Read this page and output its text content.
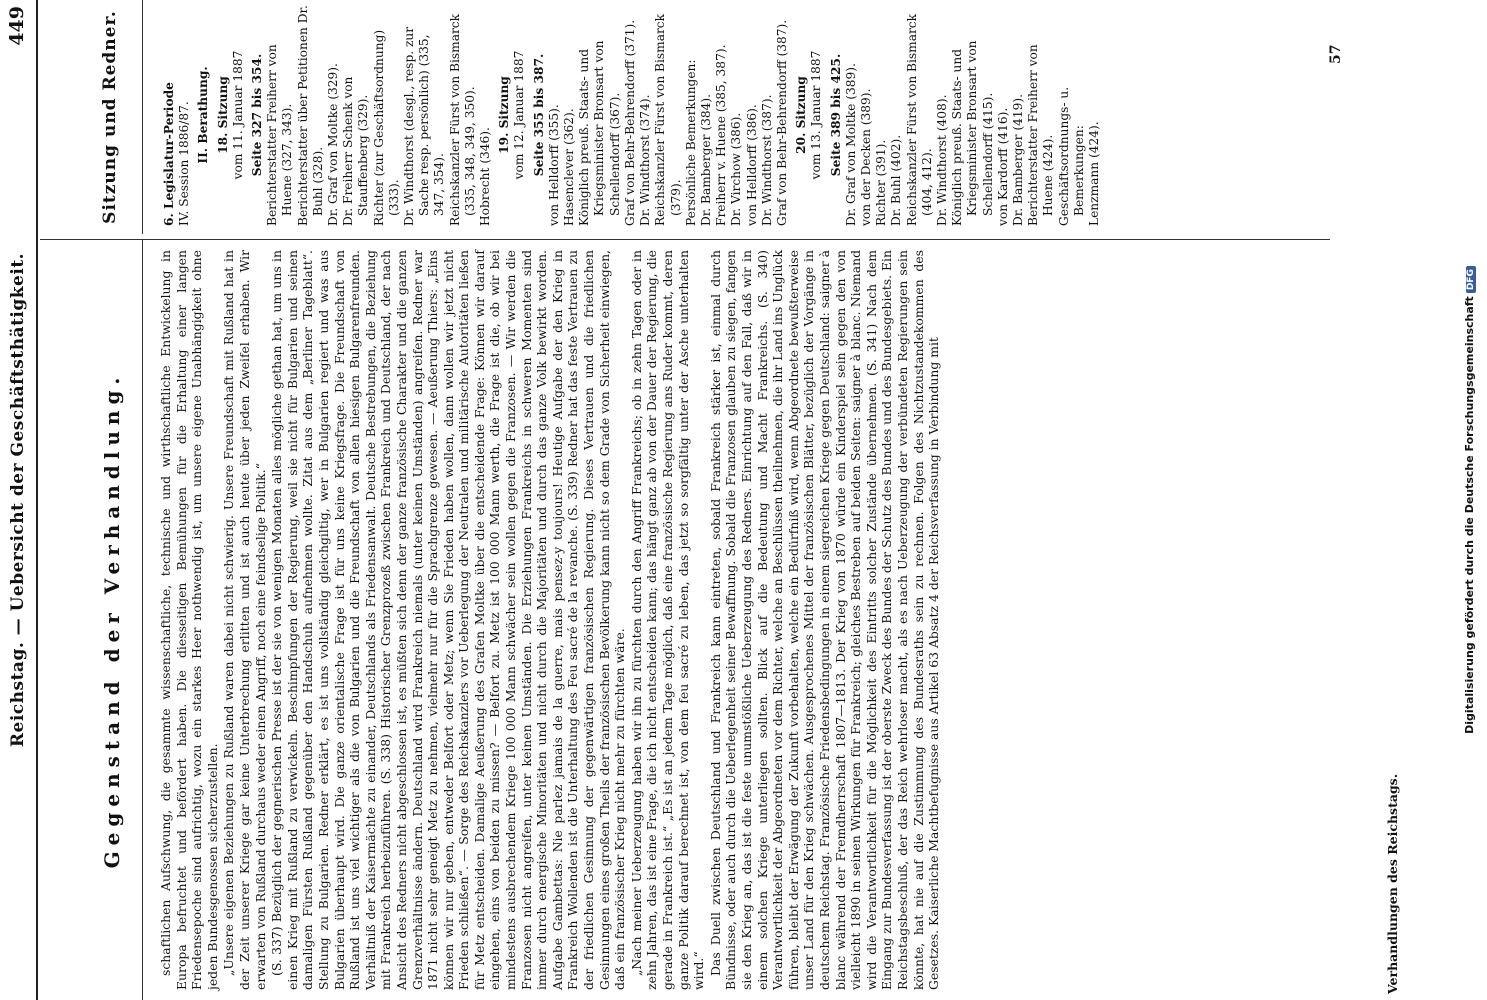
Reichstag. — Uebersicht der Geschäftsthätigkeit.
449
Gegenstand der Verhandlung.	schaftlichen Aufschwung, die gesammte wissenschaftliche, technische und wirthschaftliche Entwickelung in Europa befruchtet und befördert haben. Die diesseitigen Bemühungen für die Erhaltung einer langen Friedensepoche sind aufrichtig, wozu ein starkes Heer nothwendig ist, um unsere eigene Unabhängigkeit ohne jeden Bundesgenossen sicherzustellen. „Unsere eigenen Beziehungen zu Rußland waren dabei nicht schwierig. Unsere Freundschaft mit Rußland hat in der Zeit unserer Kriege gar keine Unterbrechung erlitten und ist auch heute über jeden Zweifel erhaben. Wir erwarten von Rußland durchaus weder einen Angriff, noch eine feindselige Politik.“ (S. 337) Bezüglich der gegnerischen Presse ist der sie von wenigen Monaten alles mögliche gethan hat, um uns in einen Krieg mit Rußland zu verwickeln. Beschimpfungen der Regierung, weil sie nicht für Bulgarien und seinen damaligen Fürsten Rußland gegenüber den Handschuh aufnehmen wollte. Zitat aus dem „Berliner Tageblatt“. Stellung zu Bulgarien. Redner erklärt, es ist uns vollständig gleichgiltig, wer in Bulgarien regiert und was aus Bulgarien überhaupt wird. Die ganze orientalische Frage ist für uns keine Kriegsfrage. Die Freundschaft von Rußland ist uns viel wichtiger als die von Bulgarien und die Freundschaft von allen hiesigen Bulgarenfreunden. Verhältniß der Kaisermächte zu einander, Deutschlands als Friedensanwalt. Deutsche Bestrebungen, die Beziehung mit Frankreich herbeizuführen. (S. 338) Historischer Grenzprozeß zwischen Frankreich und Deutschland, der nach Ansicht des Redners nicht abgeschlossen ist, es müßten sich denn der ganze französische Charakter und die ganzen Grenzverhältnisse ändern. Deutschland wird Frankreich niemals (unter keinen Umständen) angreifen. Redner war 1871 nicht sehr geneigt Metz zu nehmen, vielmehr nur für die Sprachgrenze gewesen. — Aeußerung Thiers: „Eins können wir nur geben, entweder Belfort oder Metz; wenn Sie Frieden haben wollen, dann wollen wir jetzt nicht Frieden schließen“. — Sorge des Reichskanzlers vor Ueberlegung der Neutralen und militärische Autoritäten ließen für Metz entscheiden. Damalige Aeußerung des Grafen Moltke über die entscheidende Frage: Können wir darauf eingehen, eins von beiden zu missen? — Belfort zu. Metz ist 100 000 Mann werth, die Frage ist die, ob wir bei mindestens ausbrechendem Kriege 100 000 Mann schwächer sein wollen gegen die Franzosen. — Wir werden die Franzosen nicht angreifen, unter keinen Umständen. Die Erziehungen Frankreichs in schweren Momenten sind immer durch energische Minoritäten und nicht durch die Majoritäten und durch das ganze Volk bewirkt worden. Aufgabe Gambettas: Nie parlez jamais de la guerre, mais pensez-y toujours! Heutige Aufgabe der den Krieg in Frankreich Wollenden ist die Unterhaltung des Feu sacré de la revanche. (S. 339) Redner hat das feste Vertrauen zu der friedlichen Gesinnung der gegenwärtigen französischen Regierung. Dieses Vertrauen und die friedlichen Gesinnungen eines großen Theils der französischen Bevölkerung kann nicht so dem Grade von Sicherheit einwiegen, daß ein französischer Krieg nicht mehr zu fürchten wäre. „Nach meiner Ueberzeugung haben wir ihn zu fürchten durch den Angriff Frankreichs; ob in zehn Tagen oder in zehn Jahren, das ist eine Frage, die ich nicht entscheiden kann; das hängt ganz ab von der Dauer der Regierung, die gerade in Frankreich ist.“ „Es ist an jedem Tage möglich, daß eine französische Regierung ans Ruder kommt, deren ganze Politik darauf berechnet ist, von dem feu sacré zu leben, das jetzt so sorgfältig unter der Asche unterhalten wird.“ Das Duell zwischen Deutschland und Frankreich kann eintreten, sobald Frankreich stärker ist, einmal durch Bündnisse, oder auch durch die Ueberlegenheit seiner Bewaffnung. Sobald die Franzosen glauben zu siegen, fangen sie den Krieg an, das ist die feste unumstößliche Ueberzeugung des Redners. Einrichtung auf den Fall, daß wir in einem solchen Kriege unterliegen sollten. Blick auf die Bedeutung und Macht Frankreichs. (S. 340) Verantwortlichkeit der Abgeordneten vor dem Richter, welche an Beschlüssen theilnehmen, die ihr Land ins Unglück führen, bleibt der Erwägung der Zukunft vorbehalten, welche ein Bedürfniß wird, wenn Abgeordnete bewußterweise unser Land für den Krieg schwächen. Ausgesprochenes Mittel der französischen Blätter, bezüglich der Vorgänge in deutschem Reichstag. Französische Friedensbedingungen in einem siegreichen Kriege gegen Deutschland: saigner à blanc während der Fremdherrschaft 1807—1813. Der Krieg von 1870 würde ein Kinderspiel sein gegen den von vielleicht 1890 in seinen Wirkungen für Frankreich; gleiches Bestreben auf beiden Seiten: saigner à blanc. Niemand wird die Verantwortlichkeit für die Möglichkeit des Eintritts solcher Zustände übernehmen. (S. 341) Nach dem Eingang zur Bundesverfassung ist der oberste Zweck des Bundes der Schutz des Bundes und des Bundesgebiets. Ein Reichstagsbeschluß, der das Reich wehrloser macht, als es nach Ueberzeugung der verbündeten Regierungen sein könnte, hat nie auf die Zustimmung des Bundesraths sein zu rechnen. Folgen des Nichtzustandekommen des Gesetzes. Kaiserliche Machtbefugnisse aus Artikel 63 Absatz 4 der Reichsverfassung in Verbindung mit

Sitzung und Redner.	6. Legislatur-Periode IV. Session 1886/87. II. Berathung. 18. Sitzung vom 11. Januar 1887 Seite 327 bis 354. Berichterstatter Freiherr von Huene (327, 343). Berichterstatter über Petitionen Dr. Buhl (328). Dr. Graf von Moltke (329). Dr. Freiherr Schenk von Stauffenberg (329). Richter (zur Geschäftsordnung) (333). Dr. Windthorst (desgl., resp. zur Sache resp. persönlich) (335, 347, 354). Reichskanzler Fürst von Bismarck (335, 348, 349, 350). Hobrecht (346).
19. Sitzung vom 12. Januar 1887 Seite 355 bis 387. von Helldorff (355). Hasenclever (362). Königlich preuß. Staats- und Kriegsminister Bronsart von Schellendorff (367). Graf von Behr-Behrendorff (371). Dr. Windthorst (374). Reichskanzler Fürst von Bismarck (379). Persönliche Bemerkungen: Dr. Bamberger (384). Freiherr v. Huene (385, 387). Dr. Virchow (386). von Helldorff (386). Dr. Windthorst (387). Graf von Behr-Behrendorff (387). 20. Sitzung vom 13. Januar 1887 Seite 389 bis 425. Dr. Graf von Moltke (389). von der Decken (389). Richter (391). Dr. Buhl (402). Reichskanzler Fürst von Bismarck (404, 412). Dr. Windthorst (408). Königlich preuß. Staats- und Kriegsminister Bronsart von Schellendorff (415). von Kardorff (416). Dr. Bamberger (419). Berichterstatter Freiherr von Huene (424). Geschäftsordnungs- u. Bemerkungen: Lenzmann (424).
Verhandlungen des Reichstags.
57
Digitalisierung gefördert durch die Deutsche ForschungsgemeinschaftDFG
